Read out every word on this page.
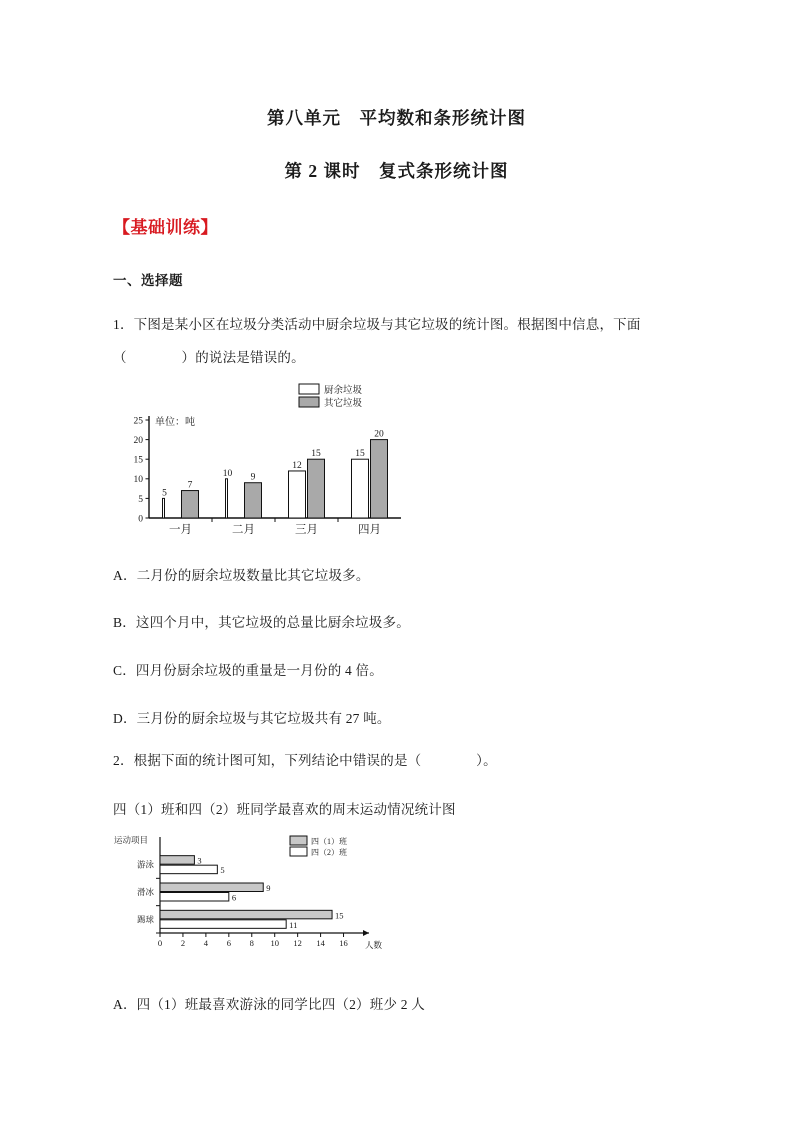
第八单元　平均数和条形统计图
第 2 课时　复式条形统计图
【基础训练】
一、选择题
1．下图是某小区在垃圾分类活动中厨余垃圾与其它垃圾的统计图。根据图中信息，下面
（　　　　）的说法是错误的。
厨余垃圾
其它垃圾
0
5
10
15
20
25
一月	二月	三月	四月
单位：吨
5
7
10 9
12
15	15
20
A．二月份的厨余垃圾数量比其它垃圾多。
B．这四个月中，其它垃圾的总量比厨余垃圾多。
C．四月份厨余垃圾的重量是一月份的 4 倍。
D．三月份的厨余垃圾与其它垃圾共有 27 吨。
2．根据下面的统计图可知，下列结论中错误的是（　　　　）。
四（1）班和四（2）班同学最喜欢的周末运动情况统计图
四（1）班
四（2）班
0 2 4 6 8 10 12 14 16
游泳
滑冰
踢球
运动项目
人数
3
5
9
6
15
11
A．四（1）班最喜欢游泳的同学比四（2）班少 2 人
